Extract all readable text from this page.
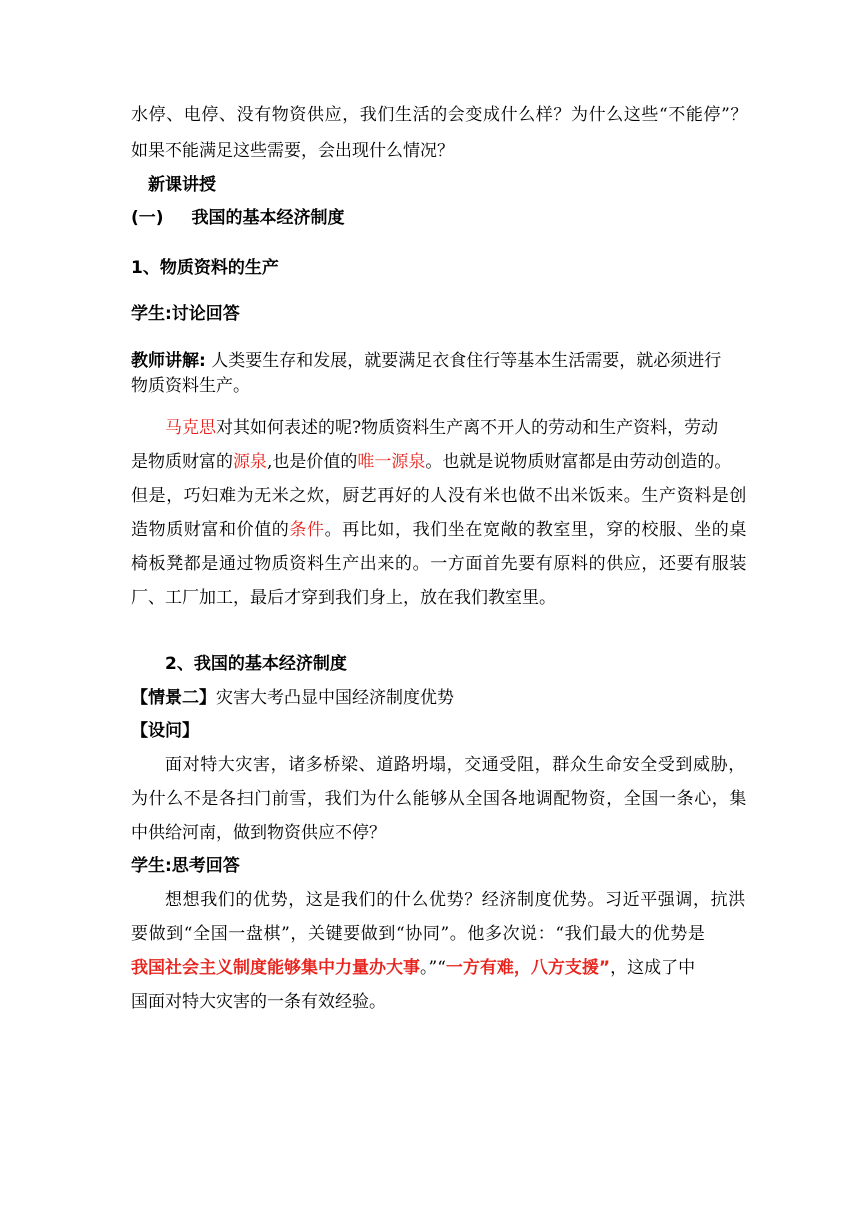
水停、电停、没有物资供应，我们生活的会变成什么样？为什么这些“不能停”？
如果不能满足这些需要，会出现什么情况？
新课讲授
(一) 我国的基本经济制度
1、物质资料的生产
学生:讨论回答
教师讲解: 人类要生存和发展，就要满足衣食住行等基本生活需要，就必须进行
物质资料生产。
马克思对其如何表述的呢?物质资料生产离不开人的劳动和生产资料，劳动
是物质财富的源泉,也是价值的唯一源泉。也就是说物质财富都是由劳动创造的。
但是，巧妇难为无米之炊，厨艺再好的人没有米也做不出米饭来。生产资料是创
造物质财富和价值的条件。再比如，我们坐在宽敞的教室里，穿的校服、坐的桌
椅板凳都是通过物质资料生产出来的。一方面首先要有原料的供应，还要有服装
厂、工厂加工，最后才穿到我们身上，放在我们教室里。
2、我国的基本经济制度
【情景二】灾害大考凸显中国经济制度优势
【设问】
面对特大灾害，诸多桥梁、道路坍塌，交通受阻，群众生命安全受到威胁，
为什么不是各扫门前雪，我们为什么能够从全国各地调配物资，全国一条心，集
中供给河南，做到物资供应不停？
学生:思考回答
想想我们的优势，这是我们的什么优势？经济制度优势。习近平强调，抗洪
要做到“全国一盘棋”，关键要做到“协同”。他多次说：“我们最大的优势是
我国社会主义制度能够集中力量办大事。”“一方有难，八方支援”，这成了中
国面对特大灾害的一条有效经验。
